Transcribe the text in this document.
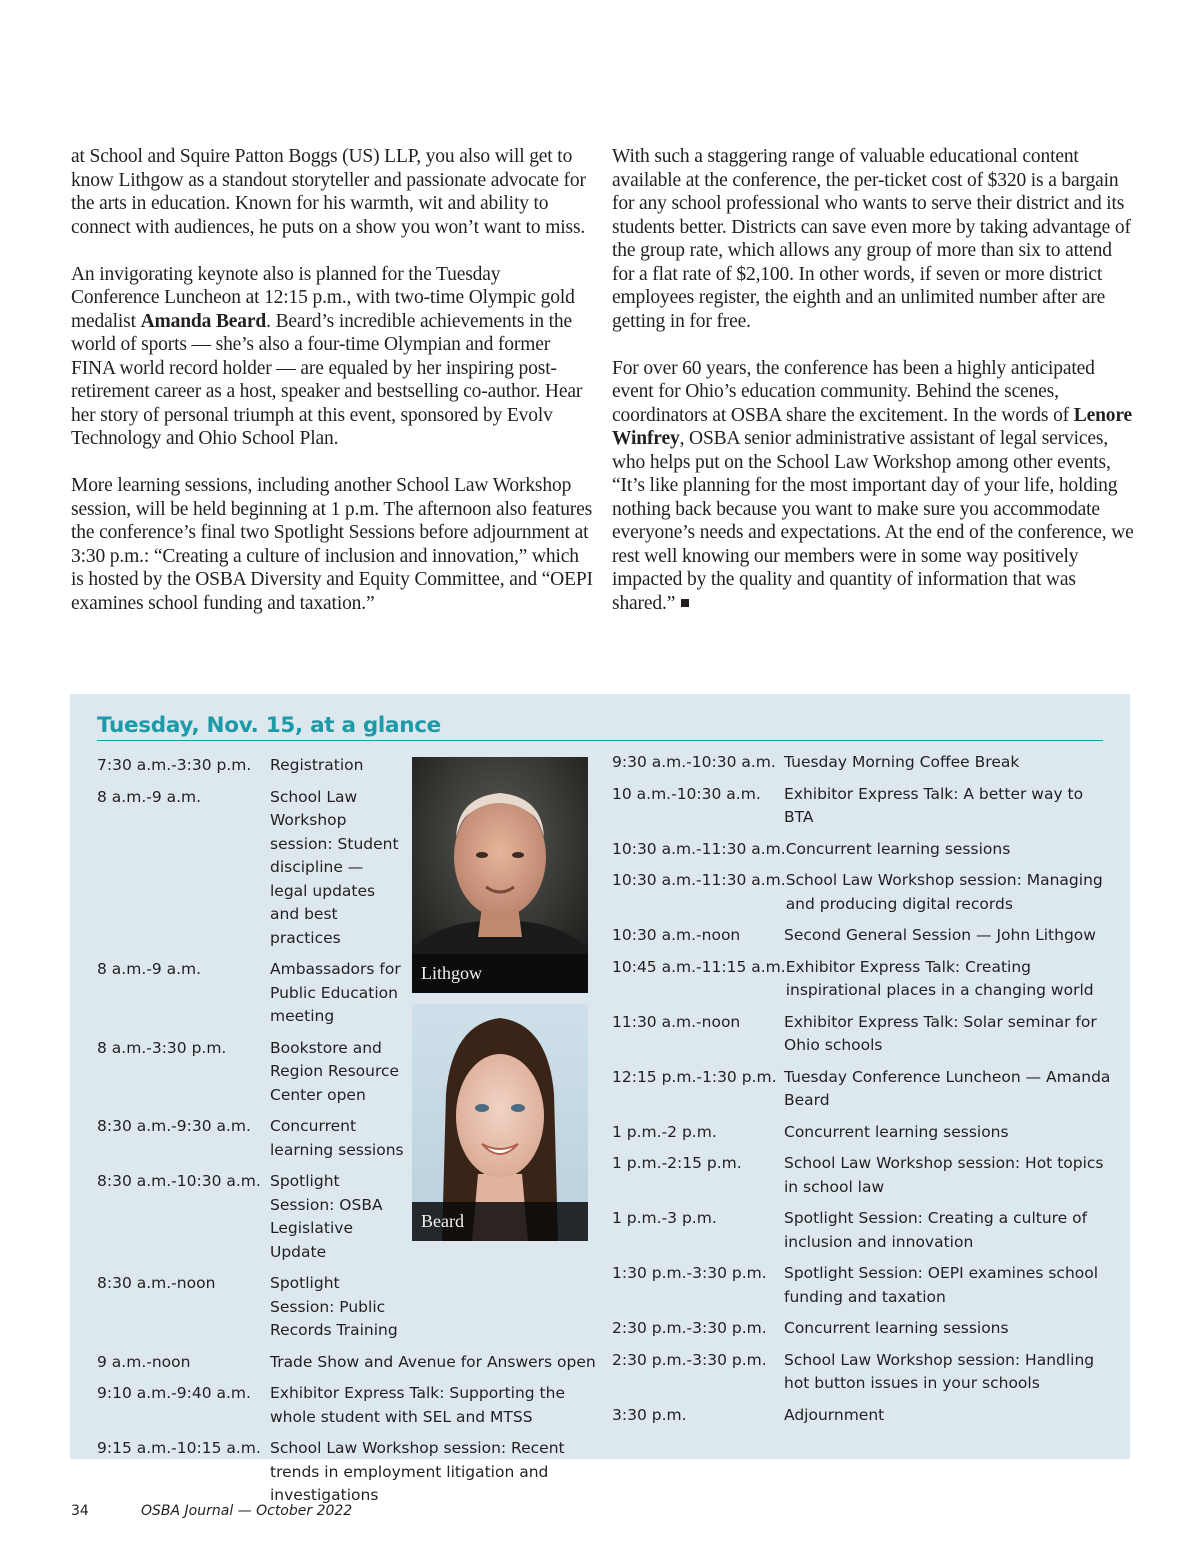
at School and Squire Patton Boggs (US) LLP, you also will get to know Lithgow as a standout storyteller and passionate advocate for the arts in education. Known for his warmth, wit and ability to connect with audiences, he puts on a show you won’t want to miss.

An invigorating keynote also is planned for the Tuesday Conference Luncheon at 12:15 p.m., with two-time Olympic gold medalist Amanda Beard. Beard’s incredible achievements in the world of sports — she’s also a four-time Olympian and former FINA world record holder — are equaled by her inspiring post-retirement career as a host, speaker and bestselling co-author. Hear her story of personal triumph at this event, sponsored by Evolv Technology and Ohio School Plan.

More learning sessions, including another School Law Workshop session, will be held beginning at 1 p.m. The afternoon also features the conference’s final two Spotlight Sessions before adjournment at 3:30 p.m.: “Creating a culture of inclusion and innovation,” which is hosted by the OSBA Diversity and Equity Committee, and “OEPI examines school funding and taxation.”

With such a staggering range of valuable educational content available at the conference, the per-ticket cost of $320 is a bargain for any school professional who wants to serve their district and its students better. Districts can save even more by taking advantage of the group rate, which allows any group of more than six to attend for a flat rate of $2,100. In other words, if seven or more district employees register, the eighth and an unlimited number after are getting in for free.

For over 60 years, the conference has been a highly anticipated event for Ohio’s education community. Behind the scenes, coordinators at OSBA share the excitement. In the words of Lenore Winfrey, OSBA senior administrative assistant of legal services, who helps put on the School Law Workshop among other events, “It’s like planning for the most important day of your life, holding nothing back because you want to make sure you accommodate everyone’s needs and expectations. At the end of the conference, we rest well knowing our members were in some way positively impacted by the quality and quantity of information that was shared.”

Tuesday, Nov. 15, at a glance
7:30 a.m.-3:30 p.m.	Registration
8 a.m.-9 a.m.	School Law Workshop session: Student discipline — legal updates and best practices
8 a.m.-9 a.m.	Ambassadors for Public Education meeting
8 a.m.-3:30 p.m.	Bookstore and Region Resource Center open
8:30 a.m.-9:30 a.m.	Concurrent learning sessions
8:30 a.m.-10:30 a.m. Spotlight Session: OSBA Legislative Update
8:30 a.m.-noon	Spotlight Session: Public Records Training
9 a.m.-noon	Trade Show and Avenue for Answers open
9:10 a.m.-9:40 a.m.	Exhibitor Express Talk: Supporting the whole student with SEL and MTSS
9:15 a.m.-10:15 a.m. School Law Workshop session: Recent trends in employment litigation and investigations
Lithgow
Beard
9:30 a.m.-10:30 a.m. Tuesday Morning Coffee Break
10 a.m.-10:30 a.m.	Exhibitor Express Talk: A better way to BTA
10:30 a.m.-11:30 a.m. Concurrent learning sessions
10:30 a.m.-11:30 a.m. School Law Workshop session: Managing and producing digital records
10:30 a.m.-noon	Second General Session — John Lithgow
10:45 a.m.-11:15 a.m. Exhibitor Express Talk: Creating inspirational places in a changing world
11:30 a.m.-noon	Exhibitor Express Talk: Solar seminar for Ohio schools
12:15 p.m.-1:30 p.m. Tuesday Conference Luncheon — Amanda Beard
1 p.m.-2 p.m.	Concurrent learning sessions
1 p.m.-2:15 p.m.	School Law Workshop session: Hot topics in school law
1 p.m.-3 p.m.	Spotlight Session: Creating a culture of inclusion and innovation
1:30 p.m.-3:30 p.m.	Spotlight Session: OEPI examines school funding and taxation
2:30 p.m.-3:30 p.m.	Concurrent learning sessions
2:30 p.m.-3:30 p.m.	School Law Workshop session: Handling hot button issues in your schools
3:30 p.m.	Adjournment
34	OSBA Journal — October 2022
